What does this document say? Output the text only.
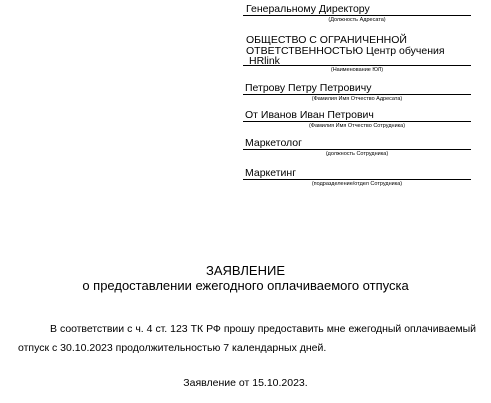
Генеральному Директору
(Должность Адресата)
ОБЩЕСТВО С ОГРАНИЧЕННОЙ
ОТВЕТСТВЕННОСТЬЮ Центр обучения
HRlink
(Наименование ЮЛ)
Петрову Петру Петровичу
(Фамилия Имя Отчество Адресата)
От Иванов Иван Петрович
(Фамилия Имя Отчество Сотрудника)
Маркетолог
(должность Сотрудника)
Маркетинг
(подразделение/отдел Сотрудника)
ЗАЯВЛЕНИЕ
о предоставлении ежегодного оплачиваемого отпуска
В соответствии с ч. 4 ст. 123 ТК РФ прошу предоставить мне ежегодный оплачиваемый
отпуск с 30.10.2023 продолжительностью 7 календарных дней.
Заявление от 15.10.2023.
